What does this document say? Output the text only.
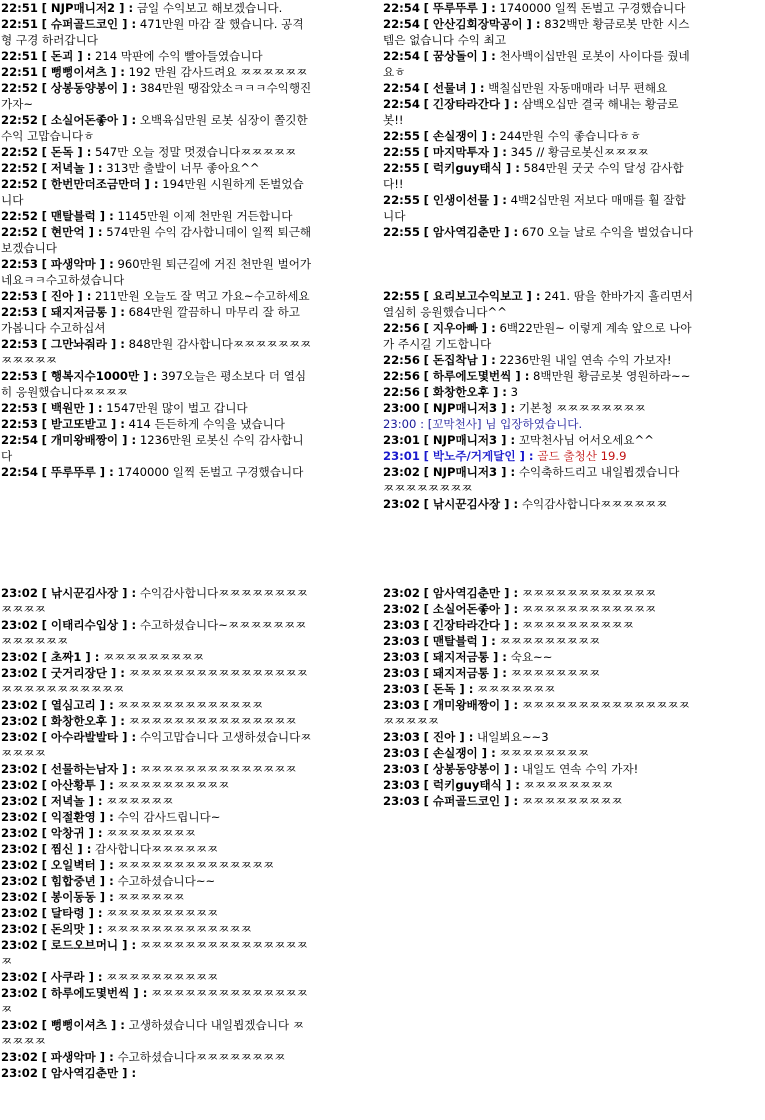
22:51 [ NJP매니저2 ] : 금일 수익보고 해보겠습니다.

22:51 [ 슈퍼골드코인 ] : 471만원 마감 잘 했습니다. 공격형 구경 하러갑니다

22:51 [ 돈괴 ] : 214 막판에 수익 빨아들였습니다

22:51 [ 뻥뻥이셔츠 ] : 192 만원 감사드려요 ㅉㅉㅉㅉㅉㅉ

22:52 [ 상봉동양봉이 ] : 384만원 땡잡았소ㅋㅋㅋ수익행진 가자~

22:52 [ 소실어돈좋아 ] : 오백육십만원 로봇 심장이 쫄깃한 수익 고맙습니다ㅎ

22:52 [ 돈독 ] : 547만 오늘 정말 멋졌습니다ㅉㅉㅉㅉㅉ

22:52 [ 저녁놀 ] : 313만 출발이 너무 좋아요^^

22:52 [ 한번만더조금만더 ] : 194만원 시원하게 돈벌었습니다

22:52 [ 맨탈블럭 ] : 1145만원 이제 천만원 거든합니다

22:52 [ 현만억 ] : 574만원 수익 감사합니데이 일찍 퇴근해보겠습니다

22:53 [ 파생악마 ] : 960만원 퇴근길에 거진 천만원 벌어가네요ㅋㅋ수고하셨습니다

22:53 [ 진아 ] : 211만원 오늘도 잘 먹고 가요~수고하세요

22:53 [ 돼지저금통 ] : 684만원 깔끔하니 마무리 잘 하고 가봅니다 수고하십셔

22:53 [ 그만놔줘라 ] : 848만원 감사합니다ㅉㅉㅉㅉㅉㅉㅉㅉㅉㅉㅉㅉ

22:53 [ 행복지수1000만 ] : 397오늘은 평소보다 더 열심히 응원했습니다ㅉㅉㅉㅉ

22:53 [ 백원만 ] : 1547만원 많이 벌고 갑니다

22:53 [ 받고또받고 ] : 414 든든하게 수익을 냈습니다

22:54 [ 개미왕배짱이 ] : 1236만원 로봇신 수익 감사합니다

22:54 [ 뚜루뚜루 ] : 1740000 일찍 돈벌고 구경했습니다

22:54 [ 뚜루뚜루 ] : 1740000 일찍 돈벌고 구경했습니다

22:54 [ 안산김회장막공이 ] : 832백만 황금로봇 만한 시스템은 없습니다 수익 최고

22:54 [ 꿈상돌이 ] : 천사백이십만원 로봇이 사이다를 줬네요ㅎ

22:54 [ 선물녀 ] : 백칠십만원 자동매매라 너무 편해요

22:54 [ 긴장타라간다 ] : 삼백오십만 결국 해내는 황금로봇!!

22:55 [ 손실쟁이 ] : 244만원 수익 좋습니다ㅎㅎ

22:55 [ 마지막투자 ] : 345 // 황금로봇신ㅉㅉㅉㅉ

22:55 [ 럭키guy태식 ] : 584만원 굿굿 수익 달성 감사합다!!

22:55 [ 인생이선물 ] : 4백2십만원 저보다 매매를 훨 잘합니다

22:55 [ 암사역김춘만 ] : 670 오늘 날로 수익을 벌었습니다

22:55 [ 요리보고수익보고 ] : 241. 땀을 한바가지 흘리면서 열심히 응원했습니다^^

22:56 [ 지우아빠 ] : 6백22만원~ 이렇게 계속 앞으로 나아가 주시길 기도합니다

22:56 [ 돈집착남 ] : 2236만원 내일 연속 수익 가보자!

22:56 [ 하루에도몇번씩 ] : 8백만원 황금로봇 영원하라~~

22:56 [ 화창한오후 ] : 3

23:00 [ NJP매니저3 ] : 기본청 ㅉㅉㅉㅉㅉㅉㅉㅉ

23:00 : [꼬막천사] 님 입장하였습니다.

23:01 [ NJP매니저3 ] : 꼬막천사님 어서오세요^^

23:01 [ 박노주/거게달인 ] : 골드 출청산 19.9

23:02 [ NJP매니저3 ] : 수익축하드리고 내일뵙겠습니다 ㅉㅉㅉㅉㅉㅉㅉㅉ

23:02 [ 낚시꾼김사장 ] : 수익감사합니다ㅉㅉㅉㅉㅉㅉ

23:02 [ 낚시꾼김사장 ] : 수익감사합니다ㅉㅉㅉㅉㅉㅉㅉㅉㅉㅉㅉㅉ

23:02 [ 이태리수입상 ] : 수고하셨습니다~ㅉㅉㅉㅉㅉㅉㅉㅉㅉㅉㅉㅉㅉ

23:02 [ 초짜1 ] : ㅉㅉㅉㅉㅉㅉㅉㅉㅉ

23:02 [ 굿거리장단 ] : ㅉㅉㅉㅉㅉㅉㅉㅉㅉㅉㅉㅉㅉㅉㅉㅉㅉㅉㅉㅉㅉㅉㅉㅉㅉㅉㅉ

23:02 [ 열심고리 ] : ㅉㅉㅉㅉㅉㅉㅉㅉㅉㅉㅉㅉㅉ

23:02 [ 화창한오후 ] : ㅉㅉㅉㅉㅉㅉㅉㅉㅉㅉㅉㅉㅉㅉㅉ

23:02 [ 아수라발발타 ] : 수익고맙습니다 고생하셨습니다ㅉㅉㅉㅉㅉ

23:02 [ 선물하는남자 ] : ㅉㅉㅉㅉㅉㅉㅉㅉㅉㅉㅉㅉㅉㅉ

23:02 [ 아산황투 ] : ㅉㅉㅉㅉㅉㅉㅉㅉㅉㅉ

23:02 [ 저녁놀 ] : ㅉㅉㅉㅉㅉㅉ

23:02 [ 익절환영 ] : 수익 감사드립니다~

23:02 [ 악창귀 ] : ㅉㅉㅉㅉㅉㅉㅉㅉ

23:02 [ 찜신 ] : 감사합니다ㅉㅉㅉㅉㅉㅉ

23:02 [ 오일벽터 ] : ㅉㅉㅉㅉㅉㅉㅉㅉㅉㅉㅉㅉㅉㅉ

23:02 [ 힘합중년 ] : 수고하셨습니다~~

23:02 [ 봉이동동 ] : ㅉㅉㅉㅉㅉㅉ

23:02 [ 달타령 ] : ㅉㅉㅉㅉㅉㅉㅉㅉㅉㅉ

23:02 [ 돈의맛 ] : ㅉㅉㅉㅉㅉㅉㅉㅉㅉㅉㅉㅉㅉ

23:02 [ 로드오브머니 ] : ㅉㅉㅉㅉㅉㅉㅉㅉㅉㅉㅉㅉㅉㅉㅉㅉ

23:02 [ 사쿠라 ] : ㅉㅉㅉㅉㅉㅉㅉㅉㅉㅉ

23:02 [ 하루에도몇번씩 ] : ㅉㅉㅉㅉㅉㅉㅉㅉㅉㅉㅉㅉㅉㅉㅉ

23:02 [ 뻥뻥이셔츠 ] : 고생하셨습니다 내일뵙겠습니다 ㅉㅉㅉㅉㅉ

23:02 [ 파생악마 ] : 수고하셨습니다ㅉㅉㅉㅉㅉㅉㅉㅉ

23:02 [ 암사역김춘만 ] :

23:02 [ 암사역김춘만 ] : ㅉㅉㅉㅉㅉㅉㅉㅉㅉㅉㅉㅉ

23:02 [ 소실어돈좋아 ] : ㅉㅉㅉㅉㅉㅉㅉㅉㅉㅉㅉㅉ

23:03 [ 긴장타라간다 ] : ㅉㅉㅉㅉㅉㅉㅉㅉㅉㅉ

23:03 [ 맨탈블럭 ] : ㅉㅉㅉㅉㅉㅉㅉㅉㅉ

23:03 [ 돼지저금통 ] : 숙요~~

23:03 [ 돼지저금통 ] : ㅉㅉㅉㅉㅉㅉㅉㅉ

23:03 [ 돈독 ] : ㅉㅉㅉㅉㅉㅉㅉ

23:03 [ 개미왕배짱이 ] : ㅉㅉㅉㅉㅉㅉㅉㅉㅉㅉㅉㅉㅉㅉㅉㅉㅉㅉㅉㅉ

23:03 [ 진아 ] : 내일뵈요~~3

23:03 [ 손실쟁이 ] : ㅉㅉㅉㅉㅉㅉㅉㅉ

23:03 [ 상봉동양봉이 ] : 내일도 연속 수익 가자!

23:03 [ 럭키guy태식 ] : ㅉㅉㅉㅉㅉㅉㅉㅉ

23:03 [ 슈퍼골드코인 ] : ㅉㅉㅉㅉㅉㅉㅉㅉㅉ
